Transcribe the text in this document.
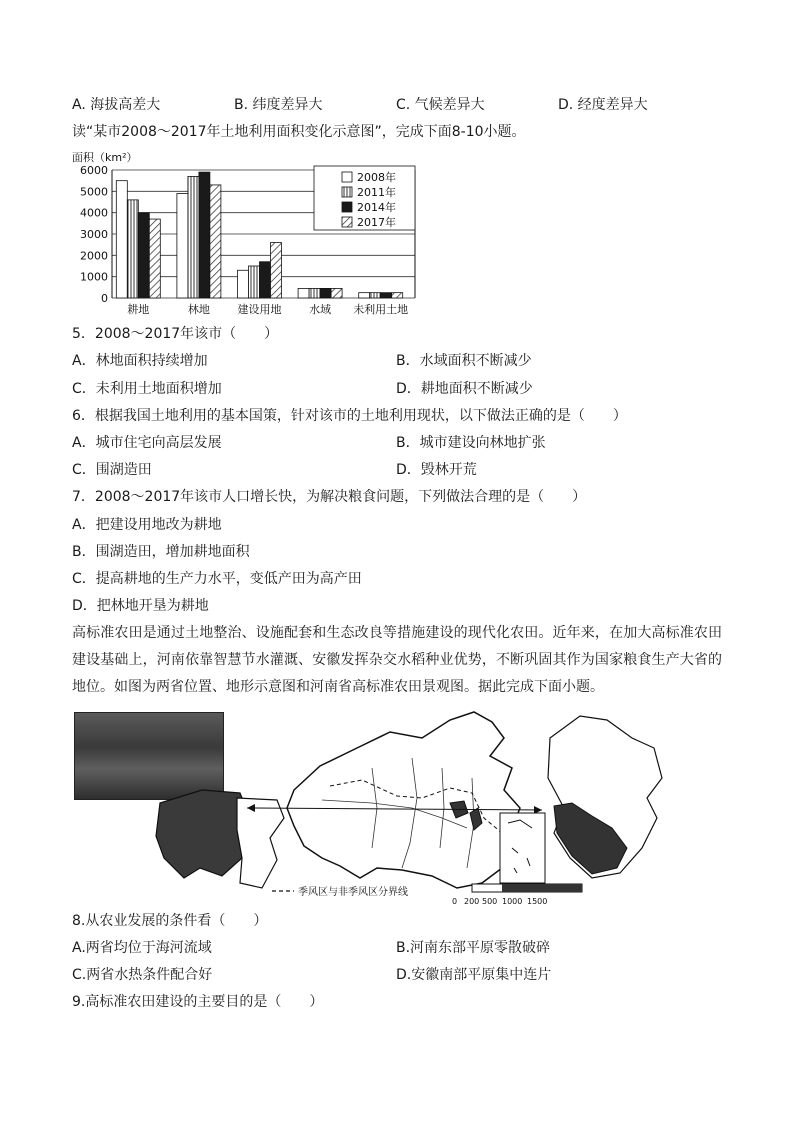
A. 海拔高差大	B. 纬度差异大	C. 气候差异大	D. 经度差异大
读“某市2008～2017年土地利用面积变化示意图”，完成下面8-10小题。
面积（km²）
0
1000
2000
3000
4000
5000
6000
耕地	林地	建设用地	水域 未利用土地
2008年
2011年
2014年
2017年
5．2008～2017年该市（　　）
A．林地面积持续增加	B．水域面积不断减少
C．未利用土地面积增加	D．耕地面积不断减少
6．根据我国土地利用的基本国策，针对该市的土地利用现状，以下做法正确的是（　　）
A．城市住宅向高层发展	B．城市建设向林地扩张
C．围湖造田	D．毁林开荒
7．2008～2017年该市人口增长快，为解决粮食问题，下列做法合理的是（　　）
A．把建设用地改为耕地
B．围湖造田，增加耕地面积
C．提高耕地的生产力水平，变低产田为高产田
D．把林地开垦为耕地
高标准农田是通过土地整治、设施配套和生态改良等措施建设的现代化农田。近年来，在加大高标准农田建设基础上，河南依靠智慧节水灌溉、安徽发挥杂交水稻种业优势，不断巩固其作为国家粮食生产大省的地位。如图为两省位置、地形示意图和河南省高标准农田景观图。据此完成下面小题。
季风区与非季风区分界线
0 200 500 1000 1500
8.从农业发展的条件看（　　）
A.两省均位于海河流域	B.河南东部平原零散破碎
C.两省水热条件配合好	D.安徽南部平原集中连片
9.高标准农田建设的主要目的是（　　）
